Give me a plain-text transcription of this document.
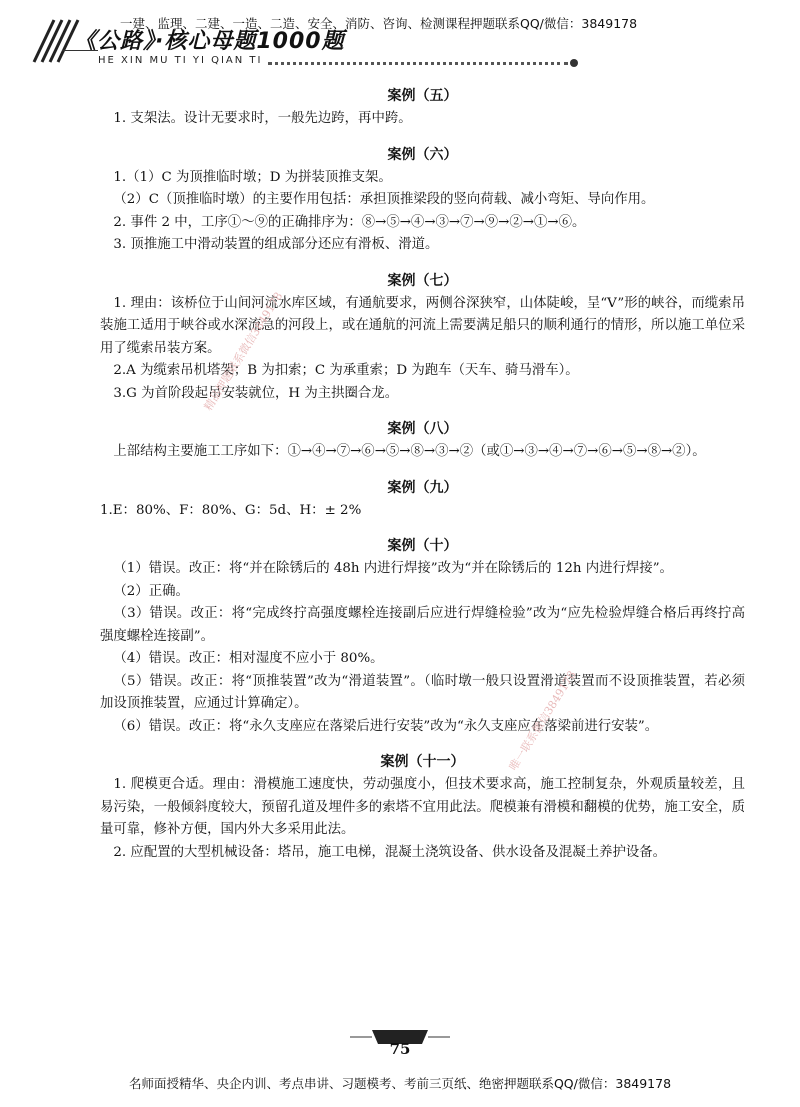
一建、监理、二建、一造、二造、安全、消防、咨询、检测课程押题联系QQ/微信：3849178
《公路》·核心母题1000题
HE XIN MU TI YI QIAN TI
案例（五）

1. 支架法。设计无要求时，一般先边跨，再中跨。

案例（六）

1.（1）C 为顶推临时墩；D 为拼装顶推支架。

（2）C（顶推临时墩）的主要作用包括：承担顶推梁段的竖向荷载、减小弯矩、导向作用。

2. 事件 2 中，工序①～⑨的正确排序为：⑧→⑤→④→③→⑦→⑨→②→①→⑥。

3. 顶推施工中滑动装置的组成部分还应有滑板、滑道。

案例（七）

1. 理由：该桥位于山间河流水库区域，有通航要求，两侧谷深狭窄，山体陡峻，呈“V”形的峡谷，而缆索吊装施工适用于峡谷或水深流急的河段上，或在通航的河流上需要满足船只的顺利通行的情形，所以施工单位采用了缆索吊装方案。

2.A 为缆索吊机塔架；B 为扣索；C 为承重索；D 为跑车（天车、骑马滑车）。

3.G 为首阶段起吊安装就位，H 为主拱圈合龙。

案例（八）

上部结构主要施工工序如下：①→④→⑦→⑥→⑤→⑧→③→②（或①→③→④→⑦→⑥→⑤→⑧→②）。

案例（九）

1.E：80%、F：80%、G：5d、H：± 2%

案例（十）

（1）错误。改正：将“并在除锈后的 48h 内进行焊接”改为“并在除锈后的 12h 内进行焊接”。

（2）正确。

（3）错误。改正：将“完成终拧高强度螺栓连接副后应进行焊缝检验”改为“应先检验焊缝合格后再终拧高强度螺栓连接副”。

（4）错误。改正：相对湿度不应小于 80%。

（5）错误。改正：将“顶推装置”改为“滑道装置”。（临时墩一般只设置滑道装置而不设顶推装置，若必须加设顶推装置，应通过计算确定）。

（6）错误。改正：将“永久支座应在落梁后进行安装”改为“永久支座应在落梁前进行安装”。

案例（十一）

1. 爬模更合适。理由：滑模施工速度快，劳动强度小，但技术要求高，施工控制复杂，外观质量较差，且易污染，一般倾斜度较大，预留孔道及埋件多的索塔不宜用此法。爬模兼有滑模和翻模的优势，施工安全，质量可靠，修补方便，国内外大多采用此法。

2. 应配置的大型机械设备：塔吊，施工电梯，混凝土浇筑设备、供水设备及混凝土养护设备。

精品押题联系微信3849178
唯一联系微信3849178
75
名师面授精华、央企内训、考点串讲、习题模考、考前三页纸、绝密押题联系QQ/微信：3849178
